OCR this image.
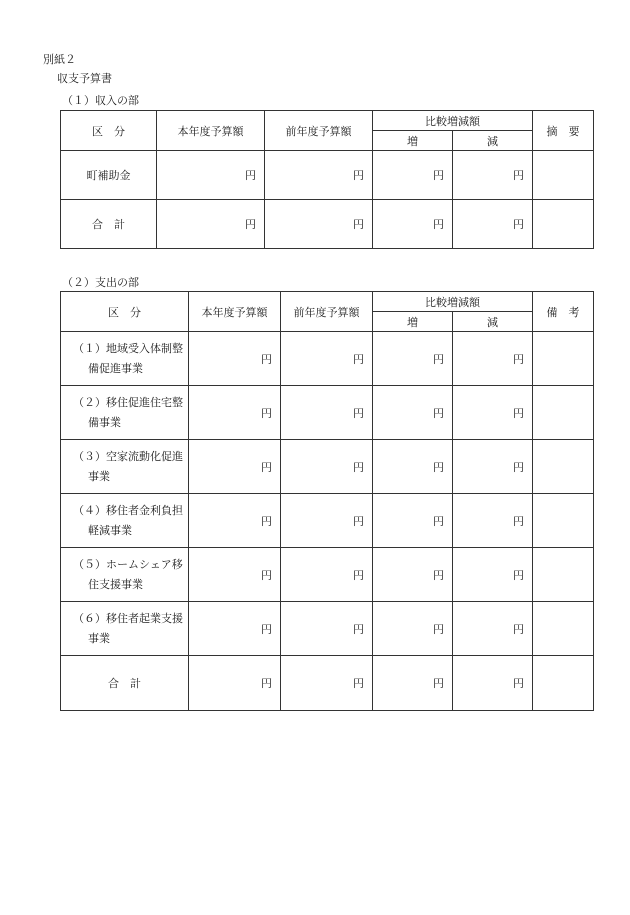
別紙２
収支予算書
（１）収入の部
区　分	本年度予算額	前年度予算額	比較増減額		摘　要
			増	減	
町補助金	円	円	円	円	
合　計	円	円	円	円	
（２）支出の部
区　分	本年度予算額	前年度予算額	比較増減額		備　考
			増	減	
（１）地域受入体制整
備促進事業	円	円	円	円	
（２）移住促進住宅整
備事業	円	円	円	円	
（３）空家流動化促進
事業	円	円	円	円	
（４）移住者金利負担
軽減事業	円	円	円	円	
（５）ホームシェア移
住支援事業	円	円	円	円	
（６）移住者起業支援
事業	円	円	円	円	
合　計	円	円	円	円	
